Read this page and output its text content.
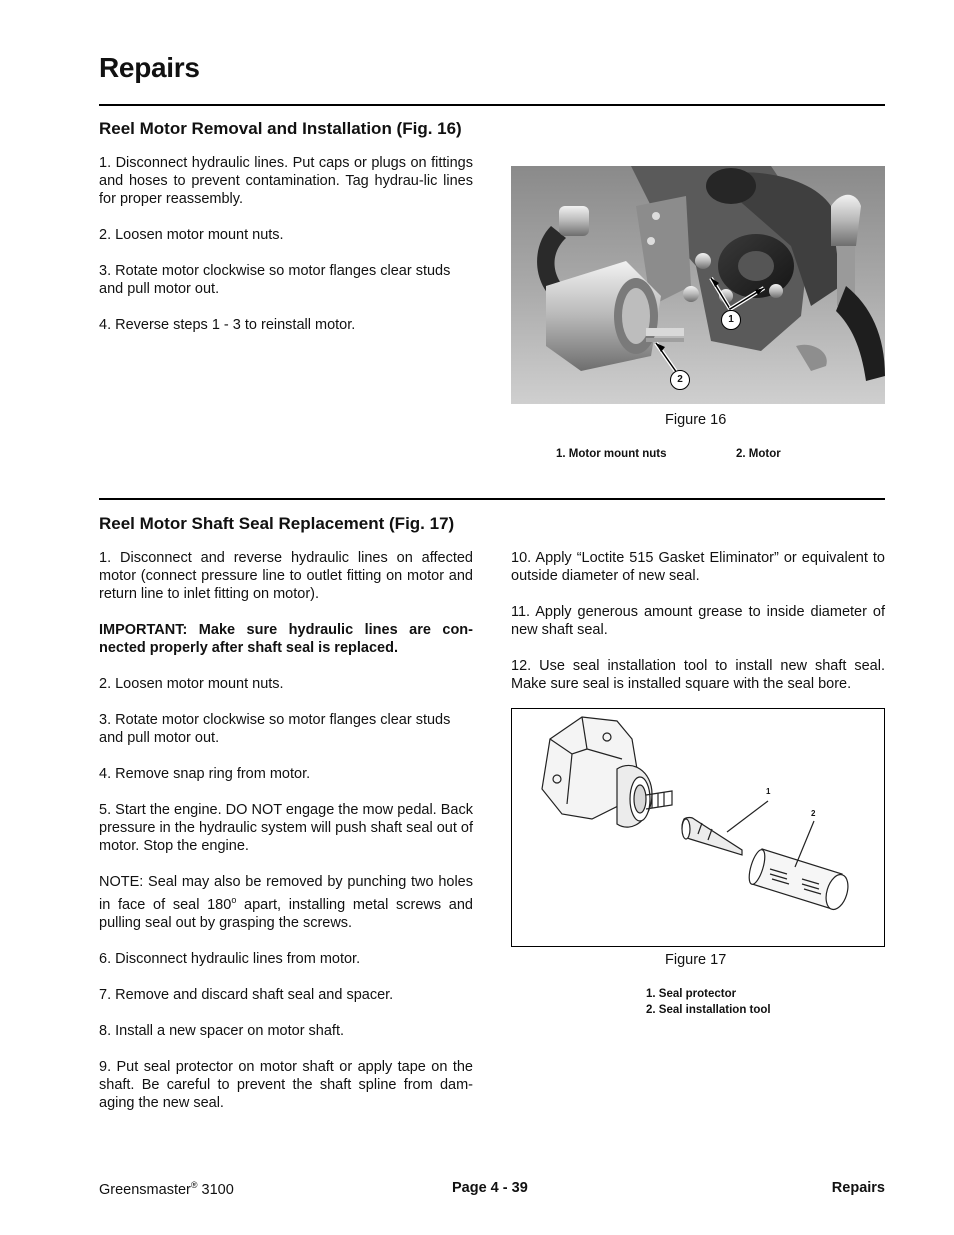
Repairs
Reel Motor Removal and Installation (Fig. 16)

1. Disconnect hydraulic lines. Put caps or plugs on fittings and hoses to prevent contamination. Tag hydrau-lic lines for proper reassembly.

2. Loosen motor mount nuts.

3. Rotate motor clockwise so motor flanges clear studs and pull motor out.

4. Reverse steps 1 - 3 to reinstall motor.	1
2
Figure 16
1. Motor mount nuts	2. Motor
Reel Motor Shaft Seal Replacement (Fig. 17)

1. Disconnect and reverse hydraulic lines on affected motor (connect pressure line to outlet fitting on motor and return line to inlet fitting on motor).

IMPORTANT: Make sure hydraulic lines are con-nected properly after shaft seal is replaced.

2. Loosen motor mount nuts.

3. Rotate motor clockwise so motor flanges clear studs and pull motor out.

4. Remove snap ring from motor.

5. Start the engine. DO NOT engage the mow pedal. Back pressure in the hydraulic system will push shaft seal out of motor. Stop the engine.

NOTE: Seal may also be removed by punching two holes in face of seal 180$^o$ apart, installing metal screws and pulling seal out by grasping the screws.

6. Disconnect hydraulic lines from motor.

7. Remove and discard shaft seal and spacer.

8. Install a new spacer on motor shaft.

9. Put seal protector on motor shaft or apply tape on the shaft. Be careful to prevent the shaft spline from dam-aging the new seal.

10. Apply “Loctite 515 Gasket Eliminator” or equivalent to outside diameter of new seal.

11. Apply generous amount grease to inside diameter of new shaft seal.

12. Use seal installation tool to install new shaft seal. Make sure seal is installed square with the seal bore.

1
2
Figure 17
1. Seal protector
2. Seal installation tool
Greensmaster® 3100	Page 4 - 39	Repairs
